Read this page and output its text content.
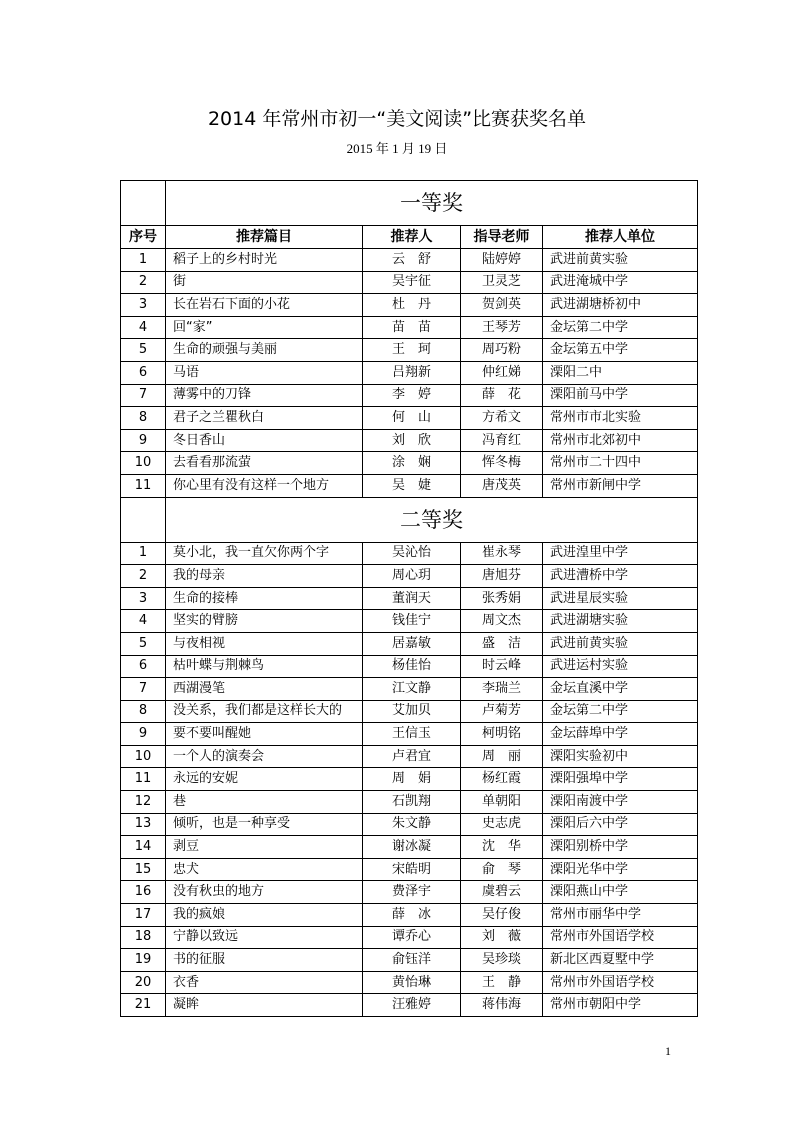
2014 年常州市初一“美文阅读”比赛获奖名单
2015 年 1 月 19 日
	一等奖			
序号	推荐篇目	推荐人	指导老师	推荐人单位
1	稻子上的乡村时光	云　舒	陆婷婷	武进前黄实验
2	街	吴宇征	卫灵芝	武进淹城中学
3	长在岩石下面的小花	杜　丹	贺剑英	武进湖塘桥初中
4	回“家”	苗　苗	王琴芳	金坛第二中学
5	生命的顽强与美丽	王　珂	周巧粉	金坛第五中学
6	马语	吕翔新	仲红娣	溧阳二中
7	薄雾中的刀锋	李　婷	薛　花	溧阳前马中学
8	君子之兰瞿秋白	何　山	方希文	常州市市北实验
9	冬日香山	刘　欣	冯育红	常州市北郊初中
10	去看看那流萤	涂　娴	恽冬梅	常州市二十四中
11	你心里有没有这样一个地方	吴　婕	唐茂英	常州市新闸中学
	二等奖			
1	莫小北，我一直欠你两个字	吴沁怡	崔永琴	武进湟里中学
2	我的母亲	周心玥	唐旭芬	武进漕桥中学
3	生命的接棒	董润天	张秀娟	武进星辰实验
4	坚实的臂膀	钱佳宁	周文杰	武进湖塘实验
5	与夜相视	居嘉敏	盛　洁	武进前黄实验
6	枯叶蝶与荆棘鸟	杨佳怡	时云峰	武进运村实验
7	西湖漫笔	江文静	李瑞兰	金坛直溪中学
8	没关系，我们都是这样长大的	艾加贝	卢菊芳	金坛第二中学
9	要不要叫醒她	王信玉	柯明铭	金坛薛埠中学
10	一个人的演奏会	卢君宜	周　丽	溧阳实验初中
11	永远的安妮	周　娟	杨红霞	溧阳强埠中学
12	巷	石凯翔	单朝阳	溧阳南渡中学
13	倾听，也是一种享受	朱文静	史志虎	溧阳后六中学
14	剥豆	谢冰凝	沈　华	溧阳别桥中学
15	忠犬	宋皓明	俞　琴	溧阳光华中学
16	没有秋虫的地方	费泽宇	虞碧云	溧阳燕山中学
17	我的疯娘	薛　冰	吴仔俊	常州市丽华中学
18	宁静以致远	谭乔心	刘　薇	常州市外国语学校
19	书的征服	俞钰洋	吴珍琰	新北区西夏墅中学
20	衣香	黄怡琳	王　静	常州市外国语学校
21	凝眸	汪雅婷	蒋伟海	常州市朝阳中学
1
